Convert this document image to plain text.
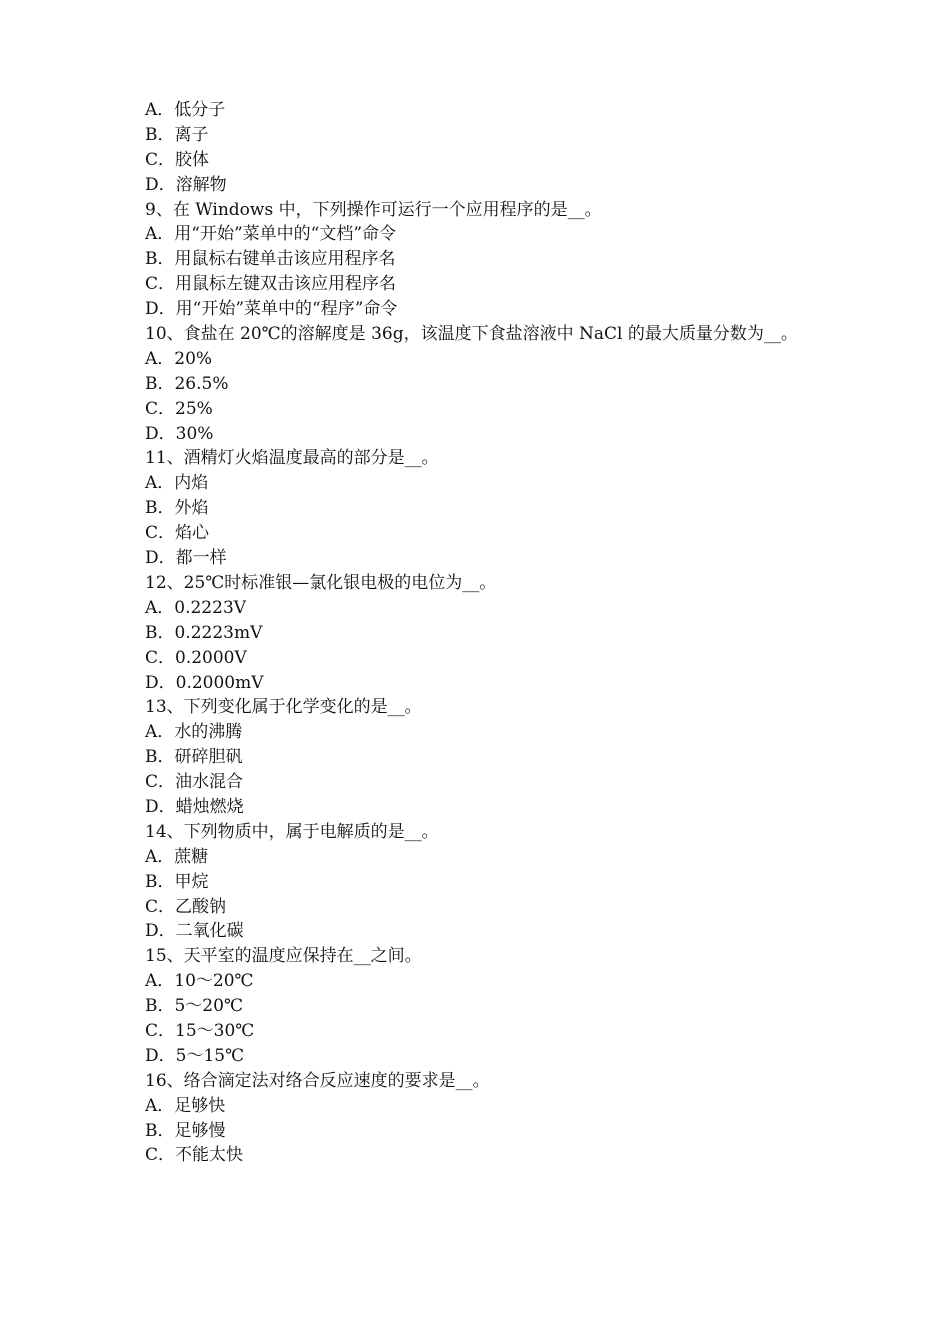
A．低分子
B．离子
C．胶体
D．溶解物
9、在 Windows 中，下列操作可运行一个应用程序的是__。
A．用“开始”菜单中的“文档”命令
B．用鼠标右键单击该应用程序名
C．用鼠标左键双击该应用程序名
D．用“开始”菜单中的“程序”命令
10、食盐在 20℃的溶解度是 36g，该温度下食盐溶液中 NaCl 的最大质量分数为__。
A．20%
B．26.5%
C．25%
D．30%
11、酒精灯火焰温度最高的部分是__。
A．内焰
B．外焰
C．焰心
D．都一样
12、25℃时标准银—氯化银电极的电位为__。
A．0.2223V
B．0.2223mV
C．0.2000V
D．0.2000mV
13、下列变化属于化学变化的是__。
A．水的沸腾
B．研碎胆矾
C．油水混合
D．蜡烛燃烧
14、下列物质中，属于电解质的是__。
A．蔗糖
B．甲烷
C．乙酸钠
D．二氧化碳
15、天平室的温度应保持在__之间。
A．10～20℃
B．5～20℃
C．15～30℃
D．5～15℃
16、络合滴定法对络合反应速度的要求是__。
A．足够快
B．足够慢
C．不能太快
